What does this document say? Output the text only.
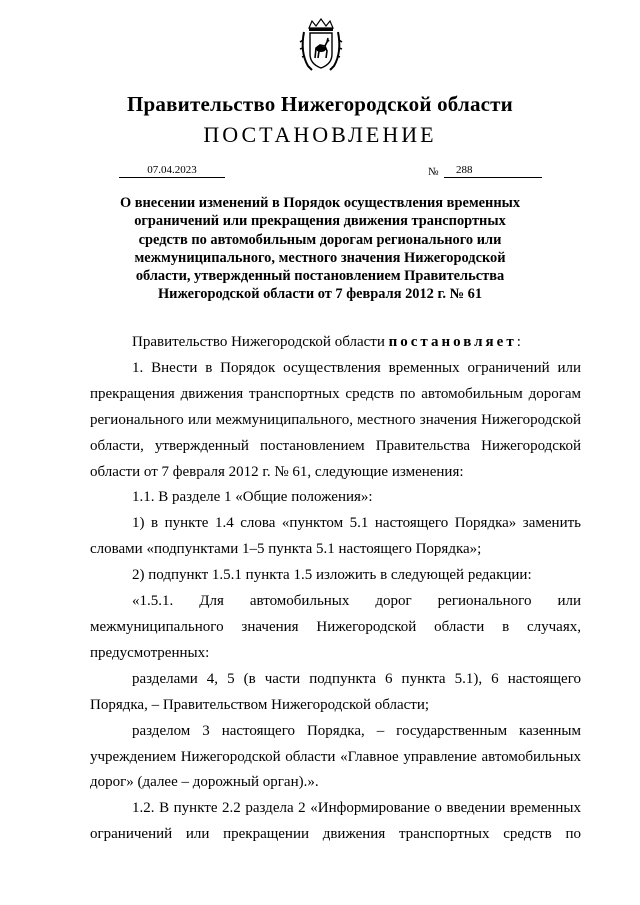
Правительство Нижегородской области
ПОСТАНОВЛЕНИЕ
07.04.2023	№	288
О внесении изменений в Порядок осуществления временных ограничений или прекращения движения транспортных средств по автомобильным дорогам регионального или межмуниципального, местного значения Нижегородской области, утвержденный постановлением Правительства Нижегородской области от 7 февраля 2012 г. № 61

Правительство Нижегородской области постановляет:

1. Внести в Порядок осуществления временных ограничений или прекращения движения транспортных средств по автомобильным дорогам регионального или межмуниципального, местного значения Нижегородской области, утвержденный постановлением Правительства Нижегородской области от 7 февраля 2012 г. № 61, следующие изменения:

1.1. В разделе 1 «Общие положения»:

1) в пункте 1.4 слова «пунктом 5.1 настоящего Порядка» заменить словами «подпунктами 1–5 пункта 5.1 настоящего Порядка»;

2) подпункт 1.5.1 пункта 1.5 изложить в следующей редакции:

«1.5.1. Для автомобильных дорог регионального или межмуниципального значения Нижегородской области в случаях, предусмотренных:

разделами 4, 5 (в части подпункта 6 пункта 5.1), 6 настоящего Порядка, – Правительством Нижегородской области;

разделом 3 настоящего Порядка, – государственным казенным учреждением Нижегородской области «Главное управление автомобильных дорог» (далее – дорожный орган).».

1.2. В пункте 2.2 раздела 2 «Информирование о введении временных ограничений или прекращении движения транспортных средств по
